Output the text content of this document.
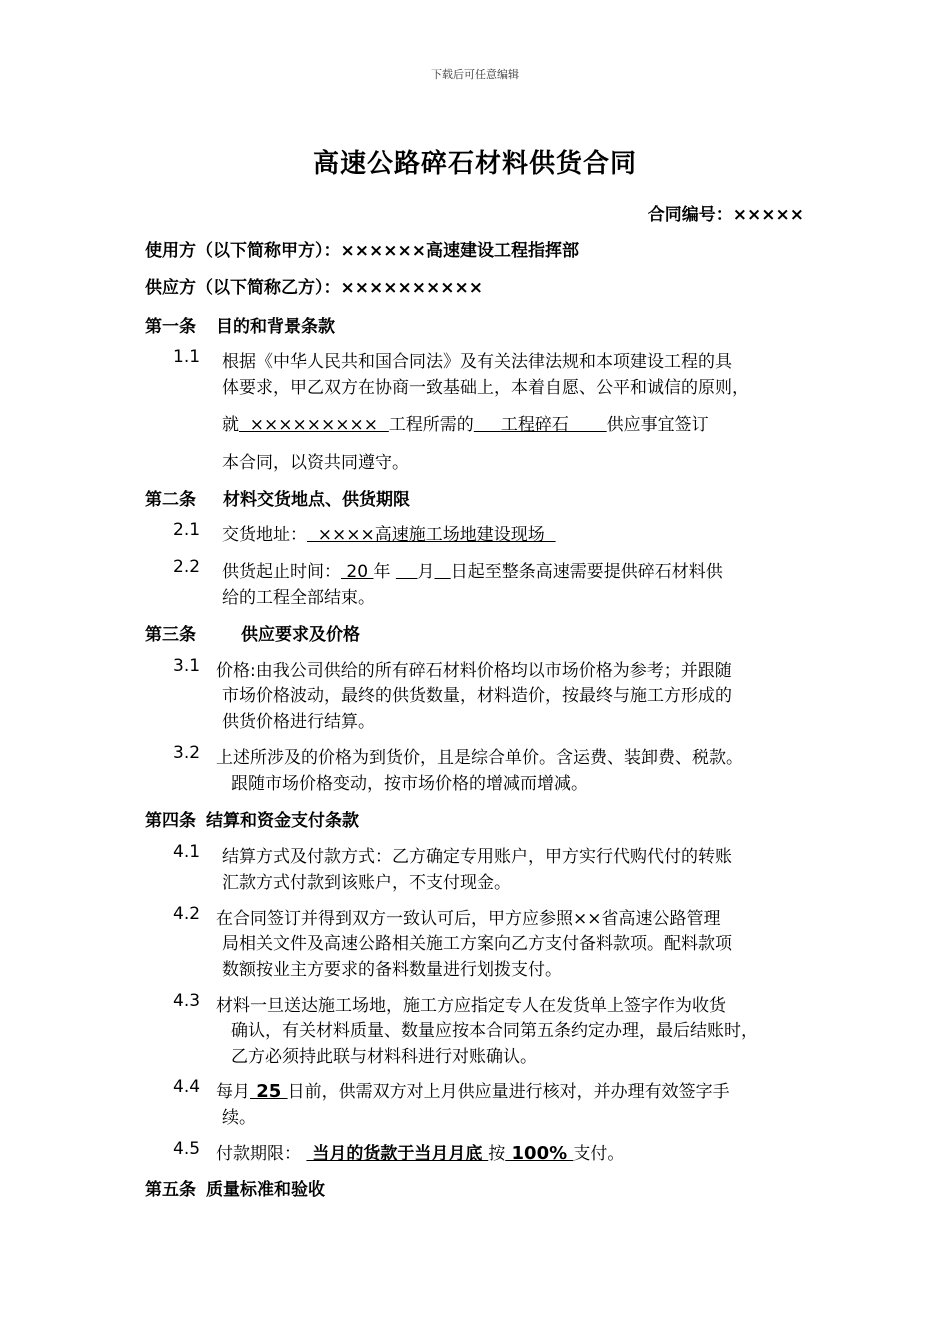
下载后可任意编辑
高速公路碎石材料供货合同
合同编号：×××××
使用方（以下简称甲方）：××××××高速建设工程指挥部
供应方（以下简称乙方）：××××××××××
第一条 目的和背景条款
1.1 根据《中华人民共和国合同法》及有关法律法规和本项建设工程的具
体要求，甲乙双方在协商一致基础上，本着自愿、公平和诚信的原则，
就  ×××××××××  工程所需的     工程碎石       供应事宜签订
本合同，以资共同遵守。
第二条 材料交货地点、供货期限
2.1 交货地址：  ××××高速施工场地建设现场
2.2 供货起止时间： 20 年 月 日起至整条高速需要提供碎石材料供
给的工程全部结束。
第三条	供应要求及价格
3.1 价格:由我公司供给的所有碎石材料价格均以市场价格为参考；并跟随
市场价格波动，最终的供货数量，材料造价，按最终与施工方形成的
供货价格进行结算。
3.2 上述所涉及的价格为到货价，且是综合单价。含运费、装卸费、税款。
跟随市场价格变动，按市场价格的增减而增减。
第四条 结算和资金支付条款
4.1 结算方式及付款方式：乙方确定专用账户，甲方实行代购代付的转账
汇款方式付款到该账户，不支付现金。
4.2 在合同签订并得到双方一致认可后，甲方应参照××省高速公路管理
局相关文件及高速公路相关施工方案向乙方支付备料款项。配料款项
数额按业主方要求的备料数量进行划拨支付。
4.3 材料一旦送达施工场地，施工方应指定专人在发货单上签字作为收货
确认，有关材料质量、数量应按本合同第五条约定办理，最后结账时，
乙方必须持此联与材料科进行对账确认。
4.4 每月 25 日前，供需双方对上月供应量进行核对，并办理有效签字手
续。
4.5 付款期限：  当月的货款于当月月底 按 100% 支付。
第五条 质量标准和验收
